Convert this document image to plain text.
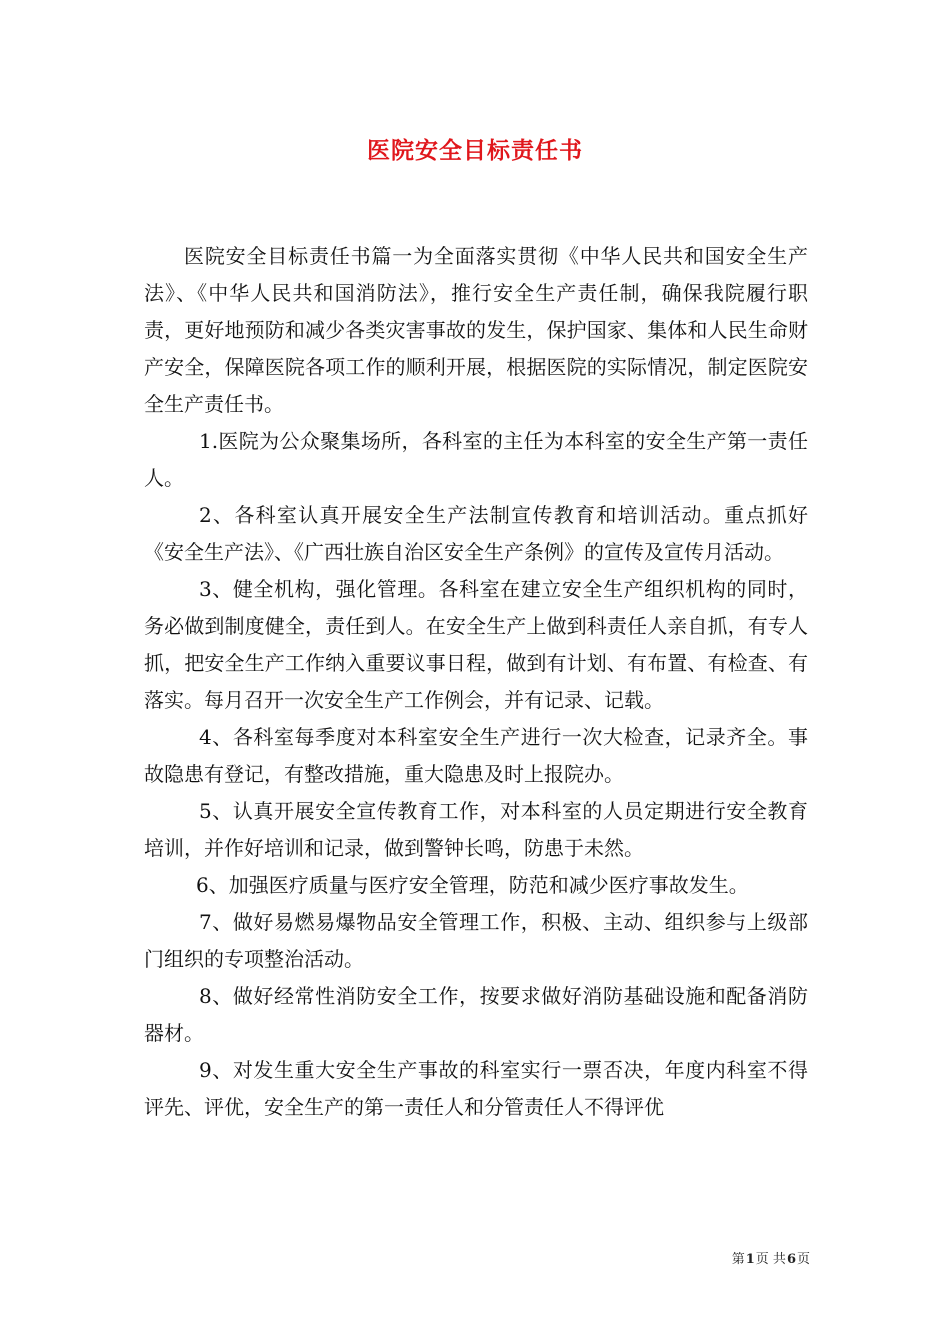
医院安全目标责任书

医院安全目标责任书篇一为全面落实贯彻《中华人民共和国安全生产法》、《中华人民共和国消防法》，推行安全生产责任制，确保我院履行职责，更好地预防和减少各类灾害事故的发生，保护国家、集体和人民生命财产安全，保障医院各项工作的顺利开展，根据医院的实际情况，制定医院安全生产责任书。

1.医院为公众聚集场所，各科室的主任为本科室的安全生产第一责任人。

2、各科室认真开展安全生产法制宣传教育和培训活动。重点抓好《安全生产法》、《广西壮族自治区安全生产条例》的宣传及宣传月活动。

3、健全机构，强化管理。各科室在建立安全生产组织机构的同时，务必做到制度健全，责任到人。在安全生产上做到科责任人亲自抓，有专人抓，把安全生产工作纳入重要议事日程，做到有计划、有布置、有检查、有落实。每月召开一次安全生产工作例会，并有记录、记载。

4、各科室每季度对本科室安全生产进行一次大检查，记录齐全。事故隐患有登记，有整改措施，重大隐患及时上报院办。

5、认真开展安全宣传教育工作，对本科室的人员定期进行安全教育培训，并作好培训和记录，做到警钟长鸣，防患于未然。

6、加强医疗质量与医疗安全管理，防范和减少医疗事故发生。

7、做好易燃易爆物品安全管理工作，积极、主动、组织参与上级部门组织的专项整治活动。

8、做好经常性消防安全工作，按要求做好消防基础设施和配备消防器材。

9、对发生重大安全生产事故的科室实行一票否决，年度内科室不得评先、评优，安全生产的第一责任人和分管责任人不得评优

第1页 共6页
